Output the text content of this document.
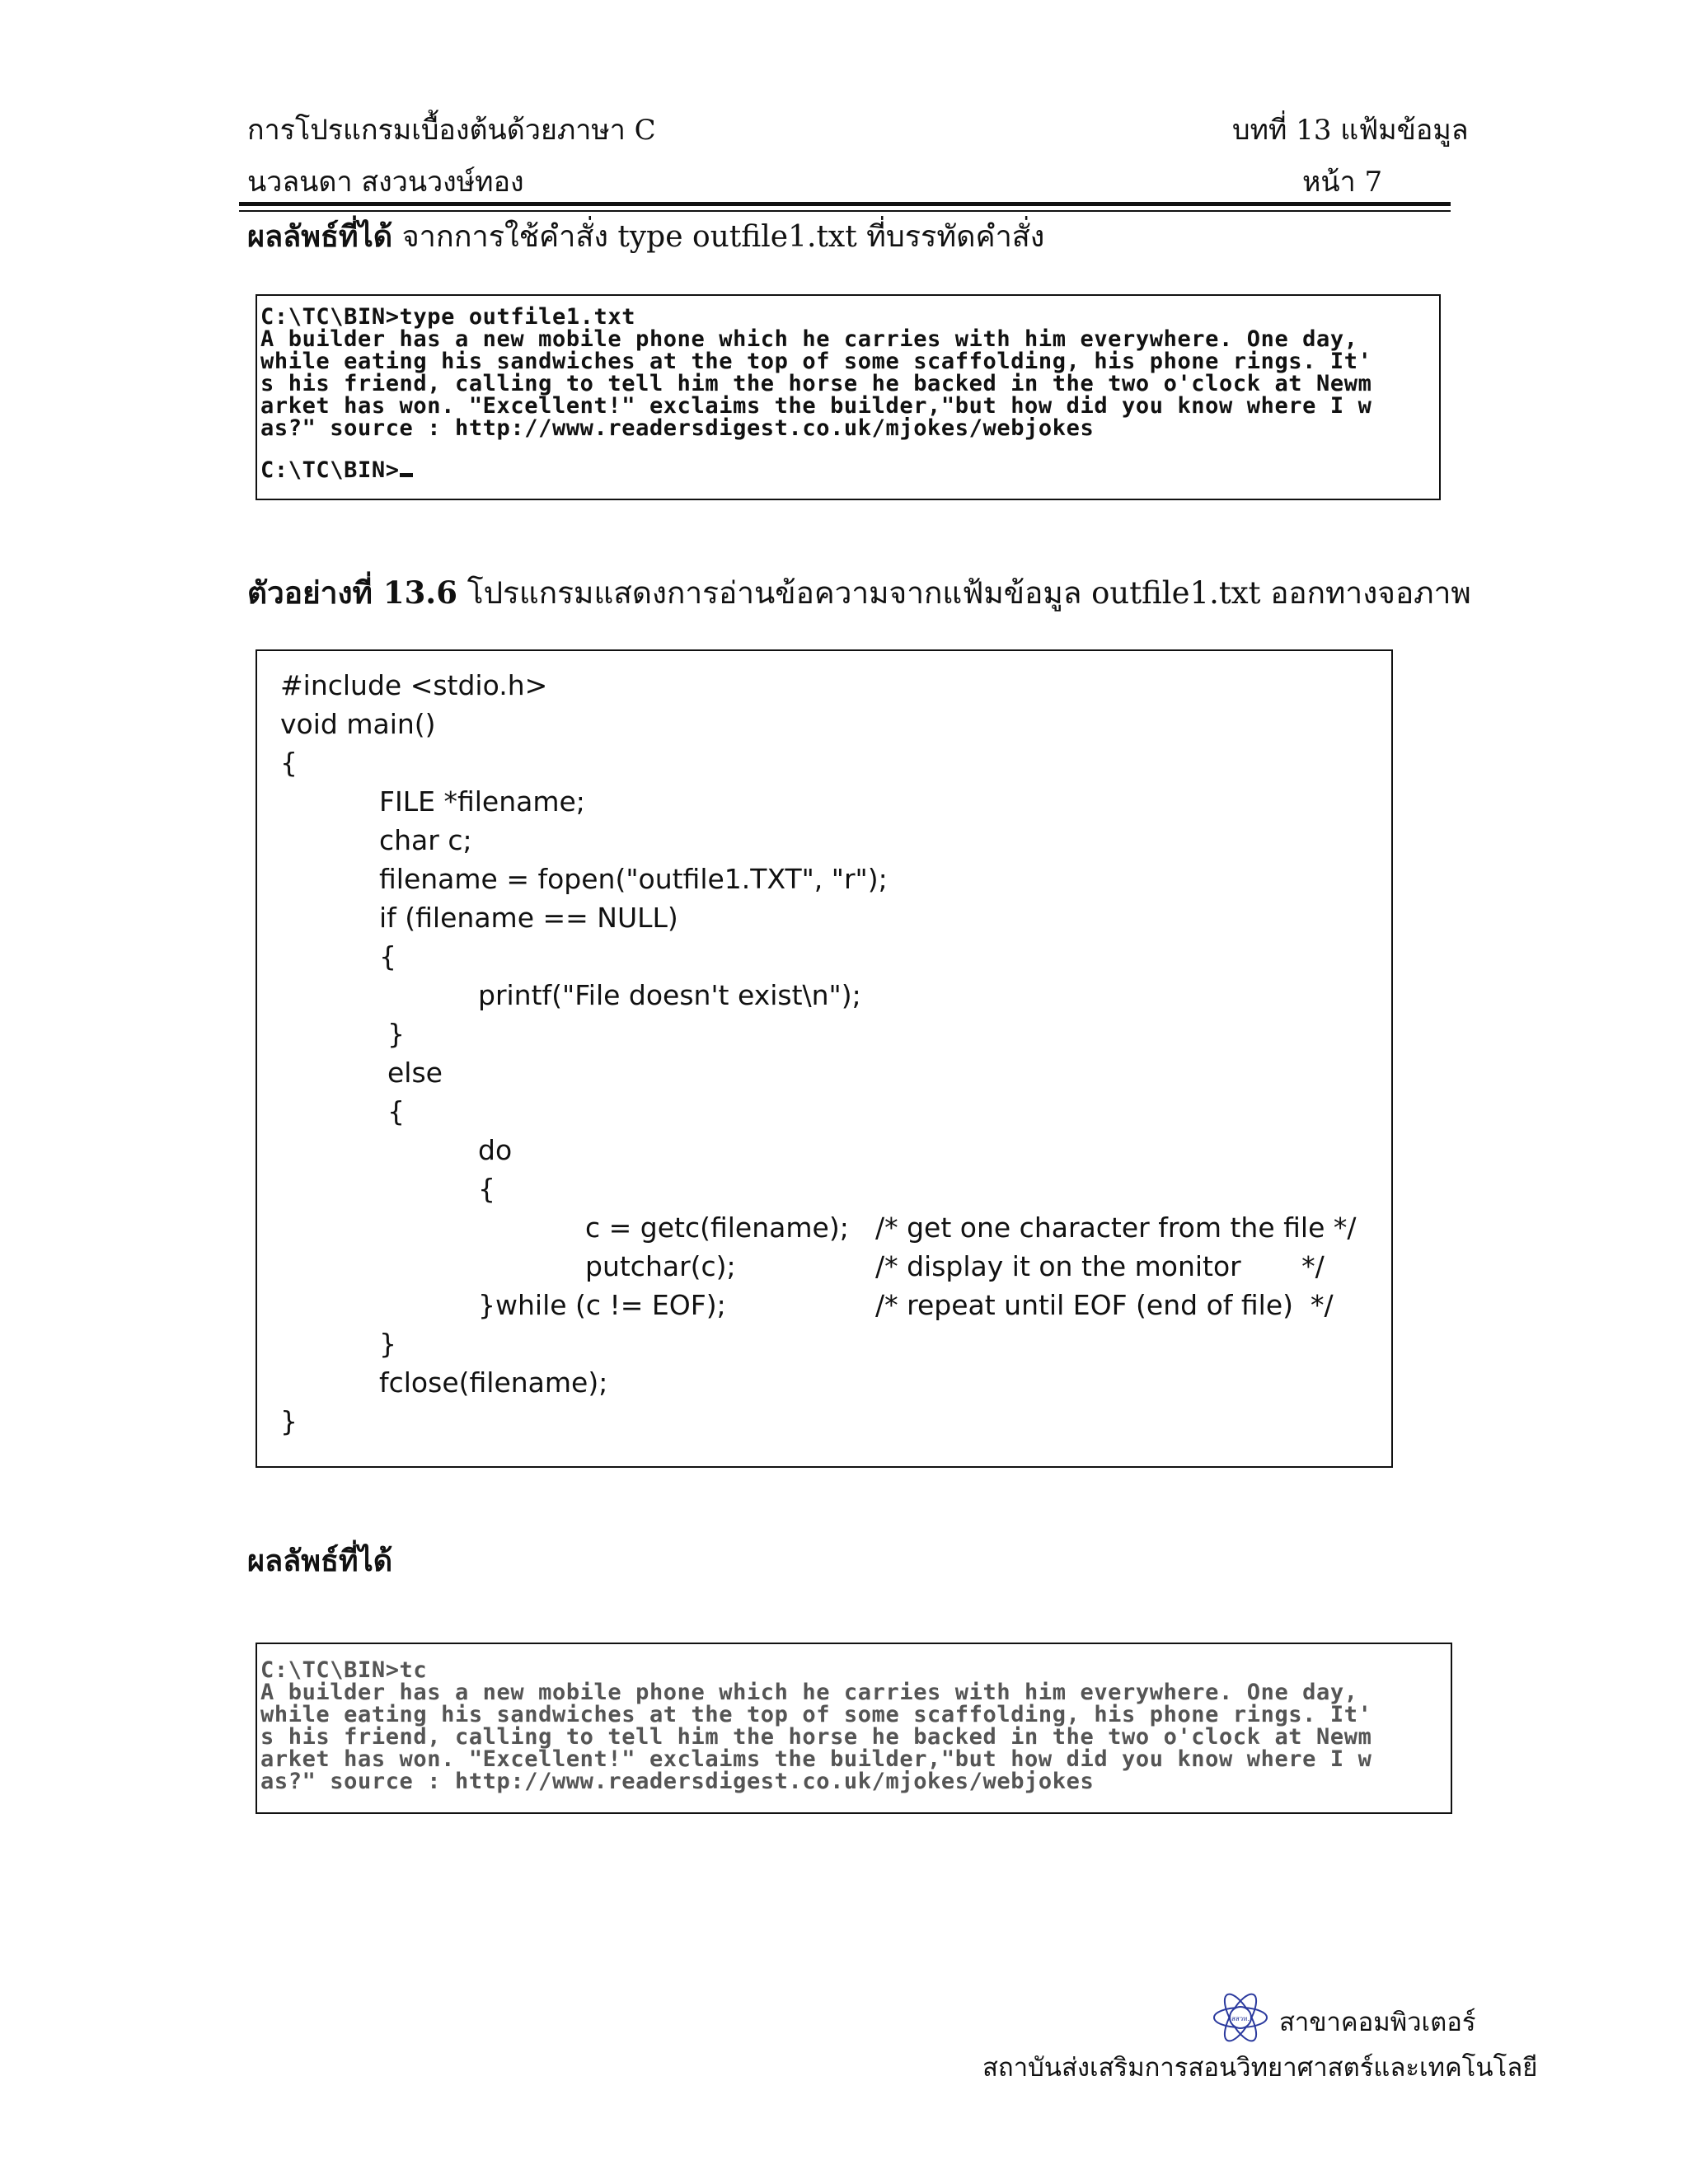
การโปรแกรมเบื้องต้นด้วยภาษา C	บทที่ 13 แฟ้มข้อมูล
นวลนดา สงวนวงษ์ทอง	หน้า 7
ผลลัพธ์ที่ได้ จากการใช้คำสั่ง type outfile1.txt ที่บรรทัดคำสั่ง
C:\TC\BIN>type outfile1.txt
A builder has a new mobile phone which he carries with him everywhere. One day,
while eating his sandwiches at the top of some scaffolding, his phone rings. It'
s his friend, calling to tell him the horse he backed in the two o'clock at Newm
arket has won. "Excellent!" exclaims the builder,"but how did you know where I w
as?" source : http://www.readersdigest.co.uk/mjokes/webjokes
C:\TC\BIN>
ตัวอย่างที่ 13.6 โปรแกรมแสดงการอ่านข้อความจากแฟ้มข้อมูล outfile1.txt ออกทางจอภาพ
#include <stdio.h>
void main()
{
FILE *filename;
char c;
filename = fopen("outfile1.TXT", "r");
if (filename == NULL)
{
printf("File doesn't exist\n");
}
else
{
do
{
c = getc(filename); /* get one character from the file */
putchar(c);	/* display it on the monitor       */
}while (c != EOF);	/* repeat until EOF (end of file)  */
}
fclose(filename);
}
ผลลัพธ์ที่ได้
C:\TC\BIN>tc
A builder has a new mobile phone which he carries with him everywhere. One day,
while eating his sandwiches at the top of some scaffolding, his phone rings. It'
s his friend, calling to tell him the horse he backed in the two o'clock at Newm
arket has won. "Excellent!" exclaims the builder,"but how did you know where I w
as?" source : http://www.readersdigest.co.uk/mjokes/webjokes
สสวท. สาขาคอมพิวเตอร์
สถาบันส่งเสริมการสอนวิทยาศาสตร์และเทคโนโลยี
